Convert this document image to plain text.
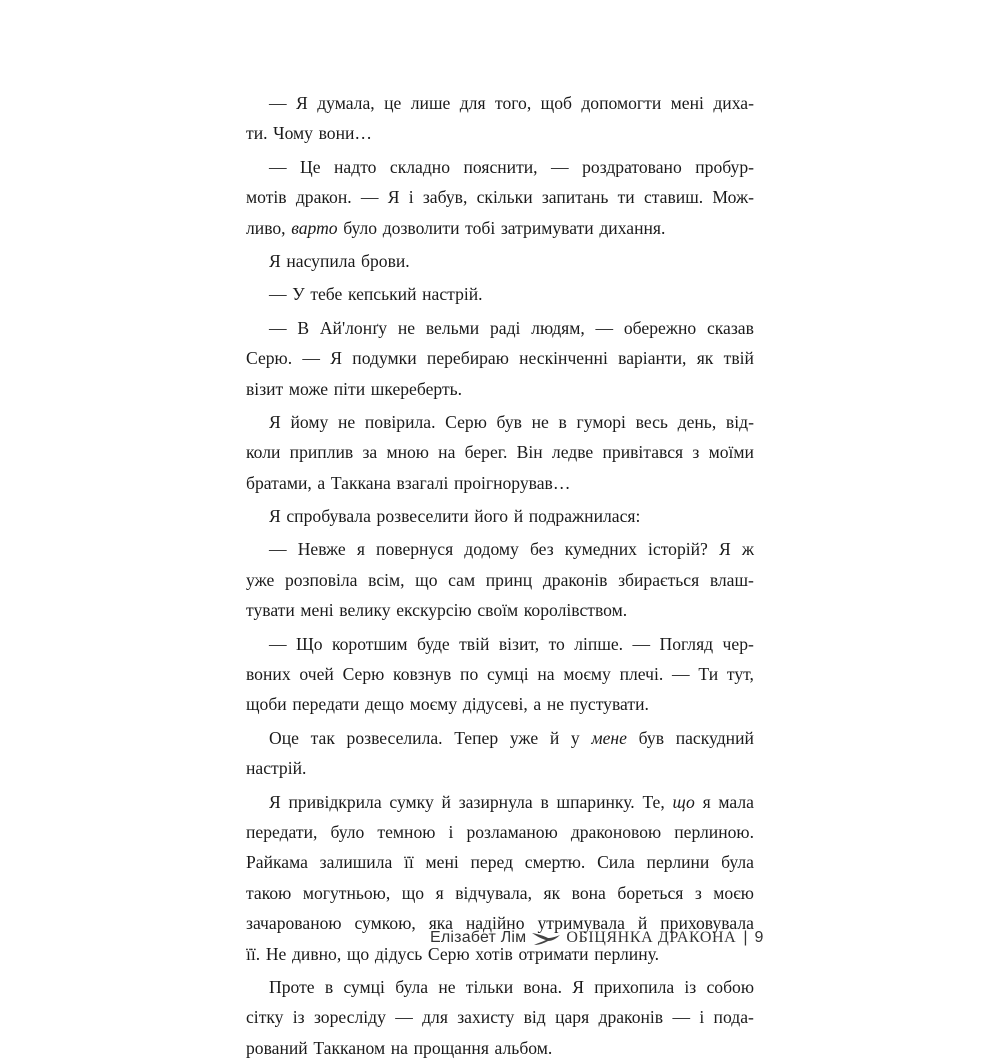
— Я думала, це лише для того, щоб допомогти мені диха-
ти. Чому вони…
— Це надто складно пояснити, — роздратовано пробур-
мотів дракон. — Я і забув, скільки запитань ти ставиш. Мож-
ливо, варто було дозволити тобі затримувати дихання.
Я насупила брови.
— У тебе кепський настрій.
— В Ай'лонґу не вельми раді людям, — обережно сказав
Серю. — Я подумки перебираю нескінченні варіанти, як твій
візит може піти шкереберть.
Я йому не повірила. Серю був не в гуморі весь день, від-
коли приплив за мною на берег. Він ледве привітався з моїми
братами, а Таккана взагалі проігнорував…
Я спробувала розвеселити його й подражнилася:
— Невже я повернуся додому без кумедних історій? Я ж
уже розповіла всім, що сам принц драконів збирається влаш-
тувати мені велику екскурсію своїм королівством.
— Що коротшим буде твій візит, то ліпше. — Погляд чер-
воних очей Серю ковзнув по сумці на моєму плечі. — Ти тут,
щоби передати дещо моєму дідусеві, а не пустувати.
Оце так розвеселила. Тепер уже й у мене був паскудний
настрій.
Я привідкрила сумку й зазирнула в шпаринку. Те, що я мала
передати, було темною і розламаною драконовою перлиною.
Райкама залишила її мені перед смертю. Сила перлини була
такою могутньою, що я відчувала, як вона бореться з моєю
зачарованою сумкою, яка надійно утримувала й приховувала
її. Не дивно, що дідусь Серю хотів отримати перлину.
Проте в сумці була не тільки вона. Я прихопила із собою
сітку із зоресліду — для захисту від царя драконів — і пода-
рований Такканом на прощання альбом.
Елізабет Лім	ОБІЦЯНКА ДРАКОНА | 9
